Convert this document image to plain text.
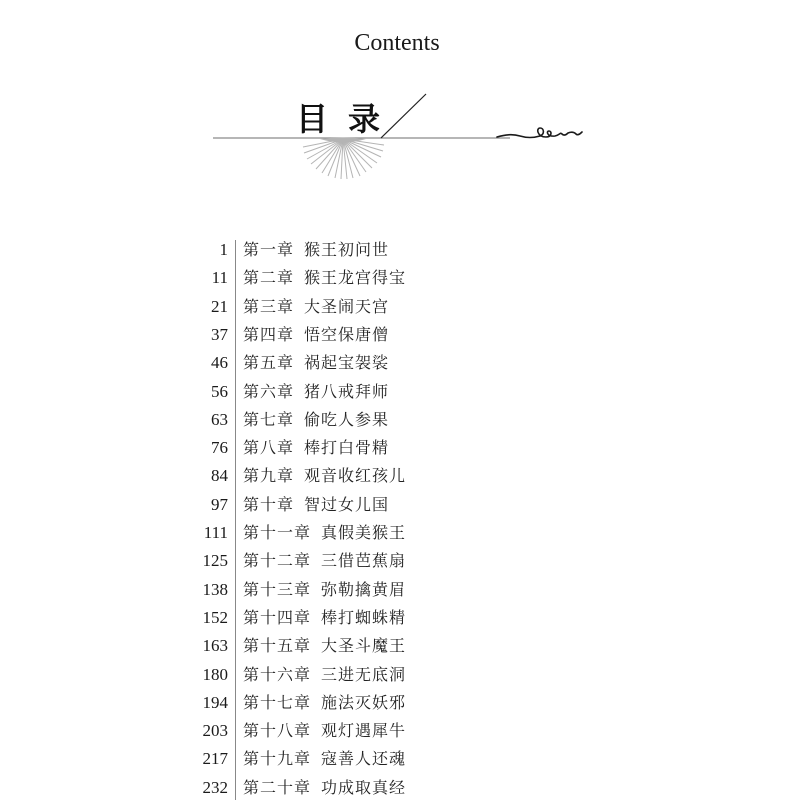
Contents
目录
1 第一章 猴王初问世
11 第二章 猴王龙宫得宝
21 第三章 大圣闹天宫
37 第四章 悟空保唐僧
46 第五章 祸起宝袈裟
56 第六章 猪八戒拜师
63 第七章 偷吃人参果
76 第八章 棒打白骨精
84 第九章 观音收红孩儿
97 第十章 智过女儿国
111 第十一章 真假美猴王
125 第十二章 三借芭蕉扇
138 第十三章 弥勒擒黄眉
152 第十四章 棒打蜘蛛精
163 第十五章 大圣斗魔王
180 第十六章 三进无底洞
194 第十七章 施法灭妖邪
203 第十八章 观灯遇犀牛
217 第十九章 寇善人还魂
232 第二十章 功成取真经
